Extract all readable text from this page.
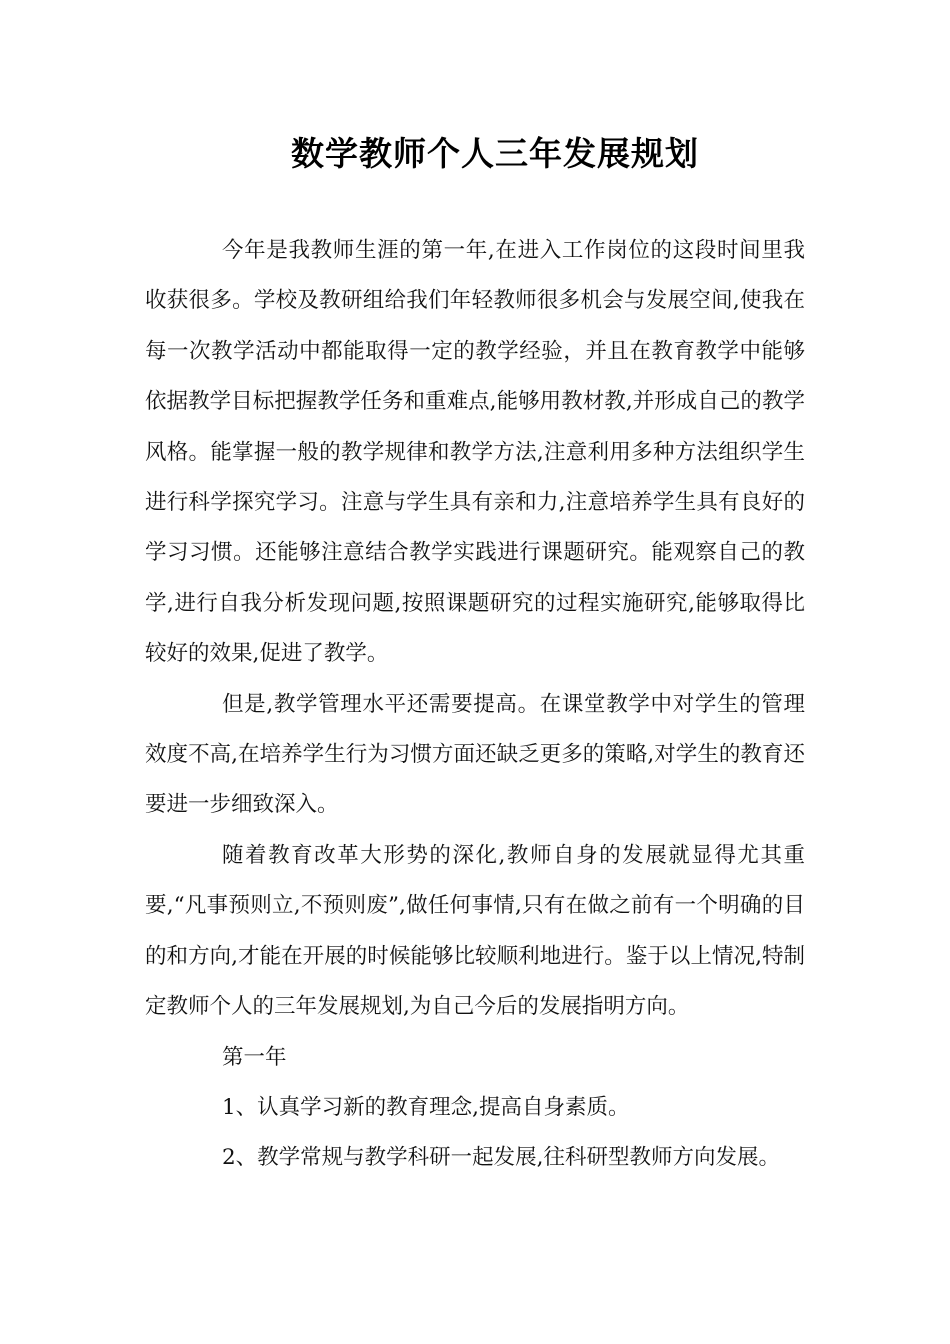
数学教师个人三年发展规划

今年是我教师生涯的第一年,在进入工作岗位的这段时间里我收获很多。学校及教研组给我们年轻教师很多机会与发展空间,使我在每一次教学活动中都能取得一定的教学经验，并且在教育教学中能够依据教学目标把握教学任务和重难点,能够用教材教,并形成自己的教学风格。能掌握一般的教学规律和教学方法,注意利用多种方法组织学生进行科学探究学习。注意与学生具有亲和力,注意培养学生具有良好的学习习惯。还能够注意结合教学实践进行课题研究。能观察自己的教学,进行自我分析发现问题,按照课题研究的过程实施研究,能够取得比较好的效果,促进了教学。

但是,教学管理水平还需要提高。在课堂教学中对学生的管理效度不高,在培养学生行为习惯方面还缺乏更多的策略,对学生的教育还要进一步细致深入。

随着教育改革大形势的深化,教师自身的发展就显得尤其重要,“凡事预则立,不预则废”,做任何事情,只有在做之前有一个明确的目的和方向,才能在开展的时候能够比较顺利地进行。鉴于以上情况,特制定教师个人的三年发展规划,为自己今后的发展指明方向。

第一年

1、认真学习新的教育理念,提高自身素质。

2、教学常规与教学科研一起发展,往科研型教师方向发展。
